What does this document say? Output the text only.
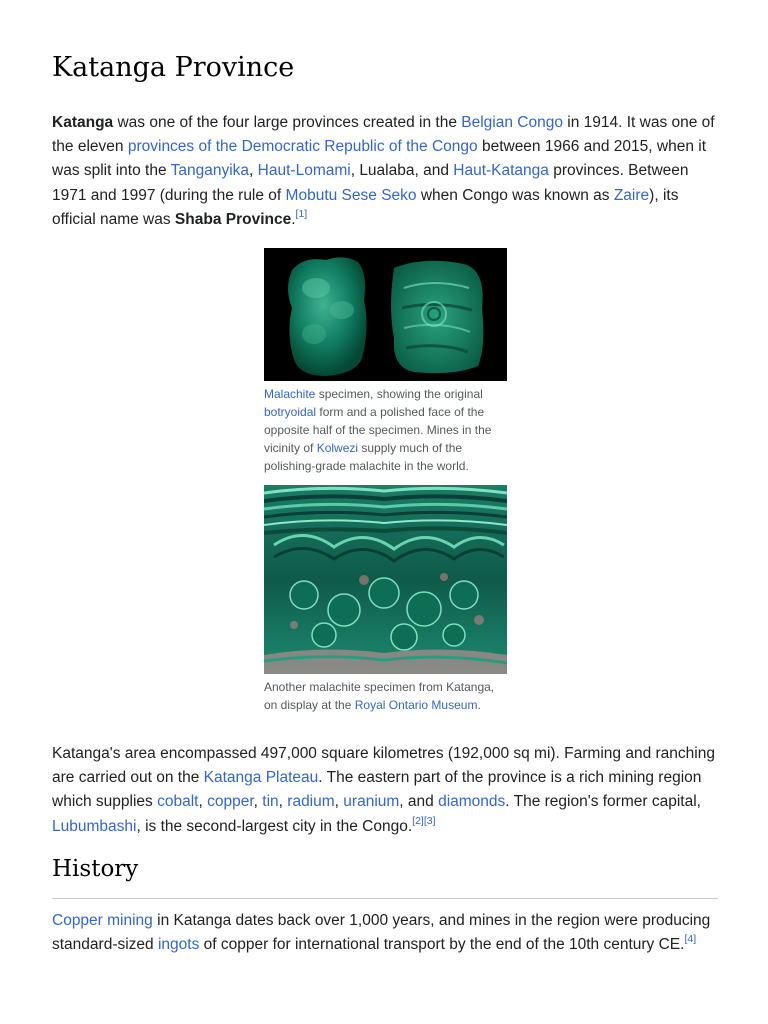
Katanga Province

Katanga was one of the four large provinces created in the Belgian Congo in 1914. It was one of the eleven provinces of the Democratic Republic of the Congo between 1966 and 2015, when it was split into the Tanganyika, Haut-Lomami, Lualaba, and Haut-Katanga provinces. Between 1971 and 1997 (during the rule of Mobutu Sese Seko when Congo was known as Zaire), its official name was Shaba Province.[1]

Malachite specimen, showing the original botryoidal form and a polished face of the opposite half of the specimen. Mines in the vicinity of Kolwezi supply much of the polishing-grade malachite in the world.
Another malachite specimen from Katanga, on display at the Royal Ontario Museum.

Katanga's area encompassed 497,000 square kilometres (192,000 sq mi). Farming and ranching are carried out on the Katanga Plateau. The eastern part of the province is a rich mining region which supplies cobalt, copper, tin, radium, uranium, and diamonds. The region's former capital, Lubumbashi, is the second-largest city in the Congo.[2][3]

History

Copper mining in Katanga dates back over 1,000 years, and mines in the region were producing standard-sized ingots of copper for international transport by the end of the 10th century CE.[4]
